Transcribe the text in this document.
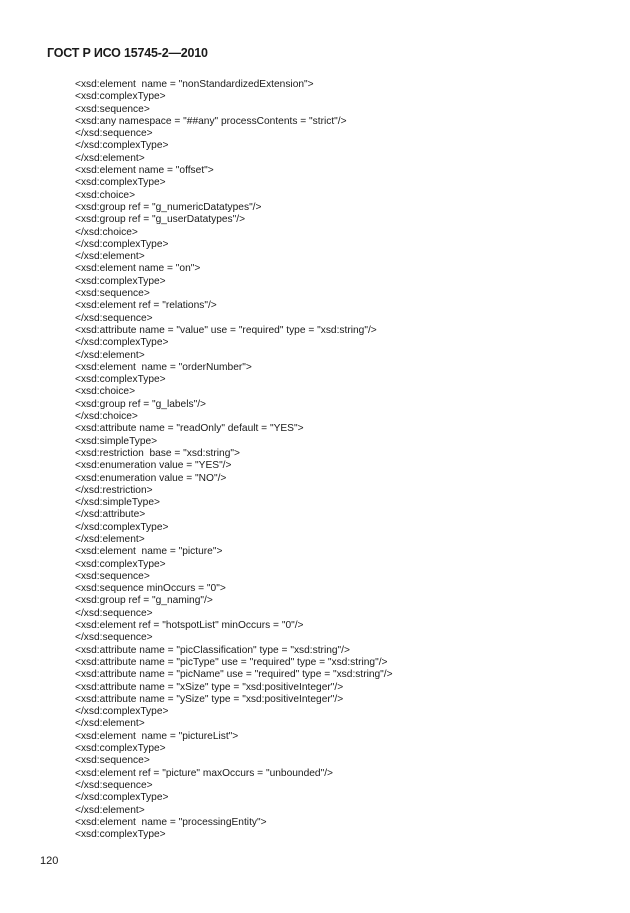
ГОСТ Р ИСО 15745-2—2010
<xsd:element  name = "nonStandardizedExtension">
<xsd:complexType>
<xsd:sequence>
<xsd:any namespace = "##any" processContents = "strict"/>
</xsd:sequence>
</xsd:complexType>
</xsd:element>
<xsd:element name = "offset">
<xsd:complexType>
<xsd:choice>
<xsd:group ref = "g_numericDatatypes"/>
<xsd:group ref = "g_userDatatypes"/>
</xsd:choice>
</xsd:complexType>
</xsd:element>
<xsd:element name = "on">
<xsd:complexType>
<xsd:sequence>
<xsd:element ref = "relations"/>
</xsd:sequence>
<xsd:attribute name = "value" use = "required" type = "xsd:string"/>
</xsd:complexType>
</xsd:element>
<xsd:element  name = "orderNumber">
<xsd:complexType>
<xsd:choice>
<xsd:group ref = "g_labels"/>
</xsd:choice>
<xsd:attribute name = "readOnly" default = "YES">
<xsd:simpleType>
<xsd:restriction  base = "xsd:string">
<xsd:enumeration value = "YES"/>
<xsd:enumeration value = "NO"/>
</xsd:restriction>
</xsd:simpleType>
</xsd:attribute>
</xsd:complexType>
</xsd:element>
<xsd:element  name = "picture">
<xsd:complexType>
<xsd:sequence>
<xsd:sequence minOccurs = "0">
<xsd:group ref = "g_naming"/>
</xsd:sequence>
<xsd:element ref = "hotspotList" minOccurs = "0"/>
</xsd:sequence>
<xsd:attribute name = "picClassification" type = "xsd:string"/>
<xsd:attribute name = "picType" use = "required" type = "xsd:string"/>
<xsd:attribute name = "picName" use = "required" type = "xsd:string"/>
<xsd:attribute name = "xSize" type = "xsd:positiveInteger"/>
<xsd:attribute name = "ySize" type = "xsd:positiveInteger"/>
</xsd:complexType>
</xsd:element>
<xsd:element  name = "pictureList">
<xsd:complexType>
<xsd:sequence>
<xsd:element ref = "picture" maxOccurs = "unbounded"/>
</xsd:sequence>
</xsd:complexType>
</xsd:element>
<xsd:element  name = "processingEntity">
<xsd:complexType>
120
